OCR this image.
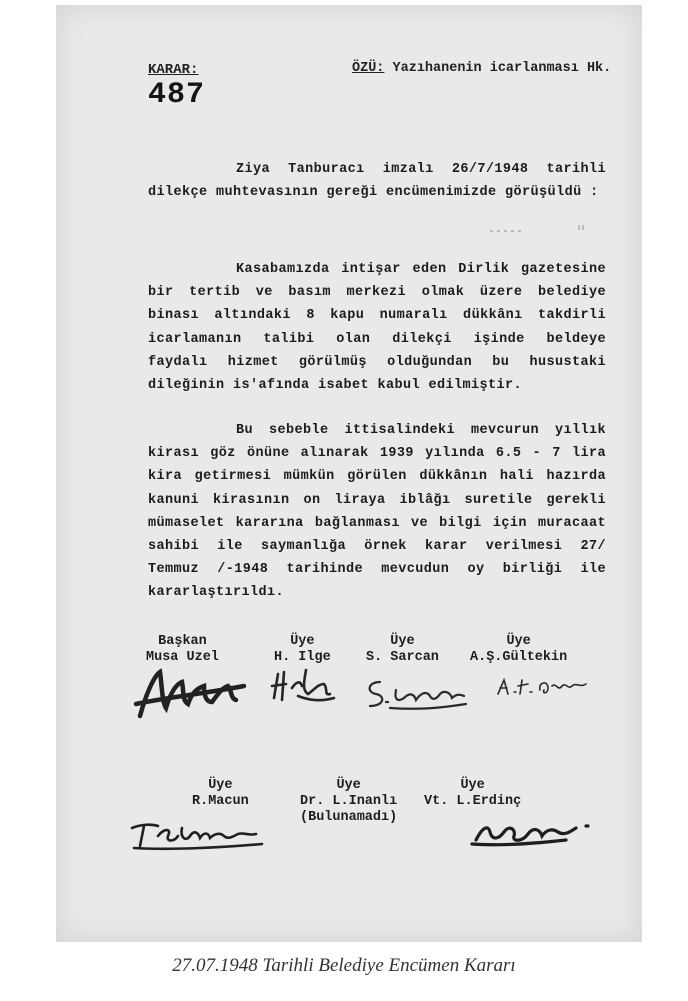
KARAR:
487
ÖZÜ: Yazıhanenin icarlanması Hk.
Ziya Tanburacı imzalı 26/7/1948 tarihli dilekçe muhtevasının gereği encümenimizde görüşüldü :
Kasabamızda intişar eden Dirlik gazetesine bir tertib ve basım merkezi olmak üzere belediye binası altındaki 8 kapu numaralı dükkânı takdirli icarlamanın talibi olan dilekçi işinde beldeye faydalı hizmet görülmüş olduğundan bu husustaki dileğinin is'afında isabet kabul edilmiştir.
Bu sebeble ittisalindeki mevcurun yıllık kirası göz önüne alınarak 1939 yılında 6.5 - 7 lira kira getirmesi mümkün görülen dükkânın hali hazırda kanuni kirasının on liraya iblâğı suretile gerekli mümaselet kararına bağlanması ve bilgi için muracaat sahibi ile saymanlığa örnek karar verilmesi 27/ Temmuz /-1948 tarihinde mevcudun oy birliği ile kararlaştırıldı.
Başkan
Musa Uzel
Üye
H. Ilge
Üye
S. Sarcan
Üye
A.Ş.Gültekin
Üye
R.Macun
Üye
Dr. L.Inanlı
(Bulunamadı)
Üye
Vt. L.Erdinç
27.07.1948 Tarihli Belediye Encümen Kararı
